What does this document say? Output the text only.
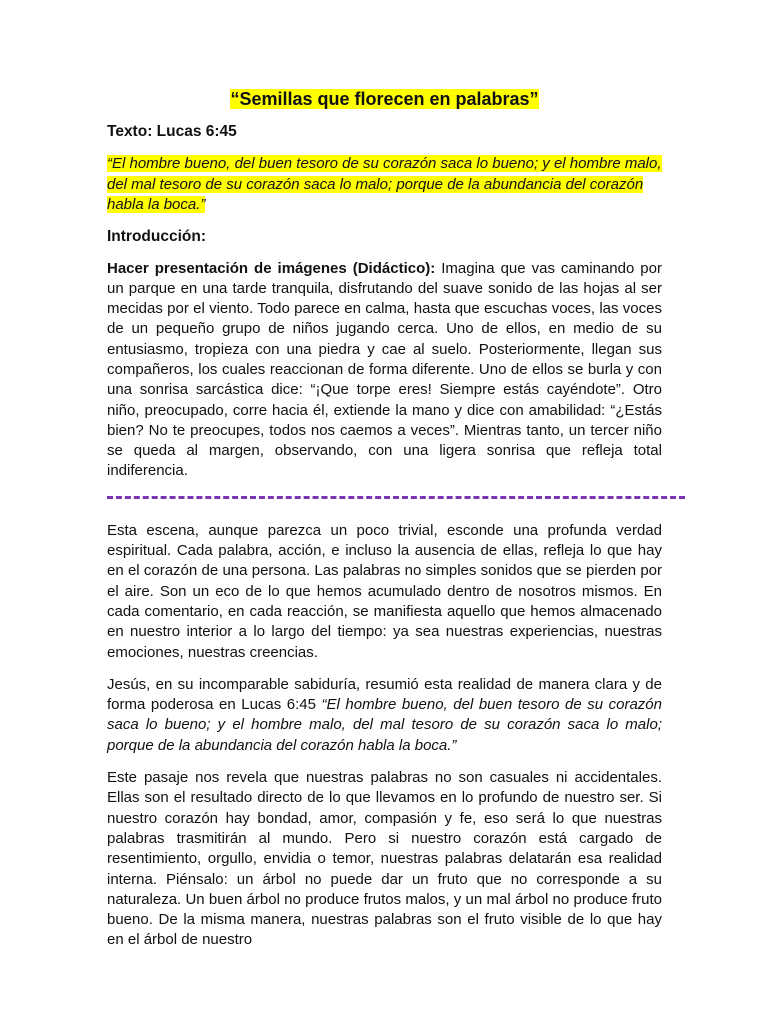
“Semillas que florecen en palabras”
Texto: Lucas 6:45
“El hombre bueno, del buen tesoro de su corazón saca lo bueno; y el hombre malo, del mal tesoro de su corazón saca lo malo; porque de la abundancia del corazón habla la boca.”
Introducción:

Hacer presentación de imágenes (Didáctico): Imagina que vas caminando por un parque en una tarde tranquila, disfrutando del suave sonido de las hojas al ser mecidas por el viento. Todo parece en calma, hasta que escuchas voces, las voces de un pequeño grupo de niños jugando cerca. Uno de ellos, en medio de su entusiasmo, tropieza con una piedra y cae al suelo. Posteriormente, llegan sus compañeros, los cuales reaccionan de forma diferente. Uno de ellos se burla y con una sonrisa sarcástica dice: “¡Que torpe eres! Siempre estás cayéndote”. Otro niño, preocupado, corre hacia él, extiende la mano y dice con amabilidad: “¿Estás bien? No te preocupes, todos nos caemos a veces”. Mientras tanto, un tercer niño se queda al margen, observando, con una ligera sonrisa que refleja total indiferencia.

Esta escena, aunque parezca un poco trivial, esconde una profunda verdad espiritual. Cada palabra, acción, e incluso la ausencia de ellas, refleja lo que hay en el corazón de una persona. Las palabras no simples sonidos que se pierden por el aire. Son un eco de lo que hemos acumulado dentro de nosotros mismos. En cada comentario, en cada reacción, se manifiesta aquello que hemos almacenado en nuestro interior a lo largo del tiempo: ya sea nuestras experiencias, nuestras emociones, nuestras creencias.

Jesús, en su incomparable sabiduría, resumió esta realidad de manera clara y de forma poderosa en Lucas 6:45 “El hombre bueno, del buen tesoro de su corazón saca lo bueno; y el hombre malo, del mal tesoro de su corazón saca lo malo; porque de la abundancia del corazón habla la boca.”

Este pasaje nos revela que nuestras palabras no son casuales ni accidentales. Ellas son el resultado directo de lo que llevamos en lo profundo de nuestro ser. Si nuestro corazón hay bondad, amor, compasión y fe, eso será lo que nuestras palabras trasmitirán al mundo. Pero si nuestro corazón está cargado de resentimiento, orgullo, envidia o temor, nuestras palabras delatarán esa realidad interna. Piénsalo: un árbol no puede dar un fruto que no corresponde a su naturaleza. Un buen árbol no produce frutos malos, y un mal árbol no produce fruto bueno. De la misma manera, nuestras palabras son el fruto visible de lo que hay en el árbol de nuestro
